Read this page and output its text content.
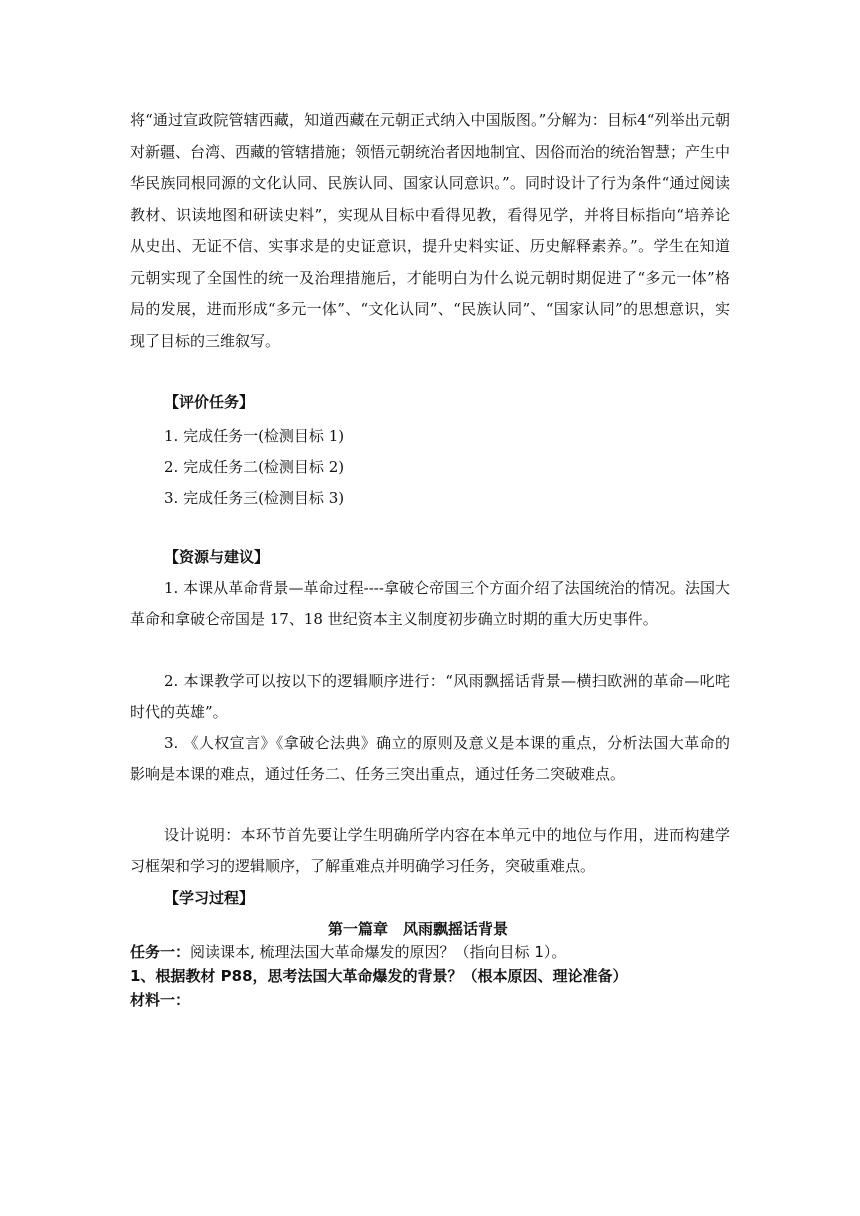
将“通过宣政院管辖西藏，知道西藏在元朝正式纳入中国版图。”分解为：目标4“列举出元朝对新疆、台湾、西藏的管辖措施；领悟元朝统治者因地制宜、因俗而治的统治智慧；产生中华民族同根同源的文化认同、民族认同、国家认同意识。”。同时设计了行为条件“通过阅读教材、识读地图和研读史料”，实现从目标中看得见教，看得见学，并将目标指向“培养论从史出、无证不信、实事求是的史证意识，提升史料实证、历史解释素养。”。学生在知道元朝实现了全国性的统一及治理措施后，才能明白为什么说元朝时期促进了“多元一体”格局的发展，进而形成“多元一体”、“文化认同”、“民族认同”、“国家认同”的思想意识，实现了目标的三维叙写。

【评价任务】
1. 完成任务一(检测目标 1)
2. 完成任务二(检测目标 2)
3. 完成任务三(检测目标 3)
【资源与建议】

1. 本课从革命背景—革命过程----拿破仑帝国三个方面介绍了法国统治的情况。法国大革命和拿破仑帝国是 17、18 世纪资本主义制度初步确立时期的重大历史事件。

2. 本课教学可以按以下的逻辑顺序进行：“风雨飘摇话背景—横扫欧洲的革命—叱咤时代的英雄”。

3. 《人权宣言》《拿破仑法典》确立的原则及意义是本课的重点，分析法国大革命的影响是本课的难点，通过任务二、任务三突出重点，通过任务二突破难点。

设计说明：本环节首先要让学生明确所学内容在本单元中的地位与作用，进而构建学习框架和学习的逻辑顺序，了解重难点并明确学习任务，突破重难点。

【学习过程】
第一篇章　风雨飘摇话背景
任务一：阅读课本, 梳理法国大革命爆发的原因？（指向目标 1）。
1、根据教材 P88，思考法国大革命爆发的背景？（根本原因、理论准备）
材料一：
